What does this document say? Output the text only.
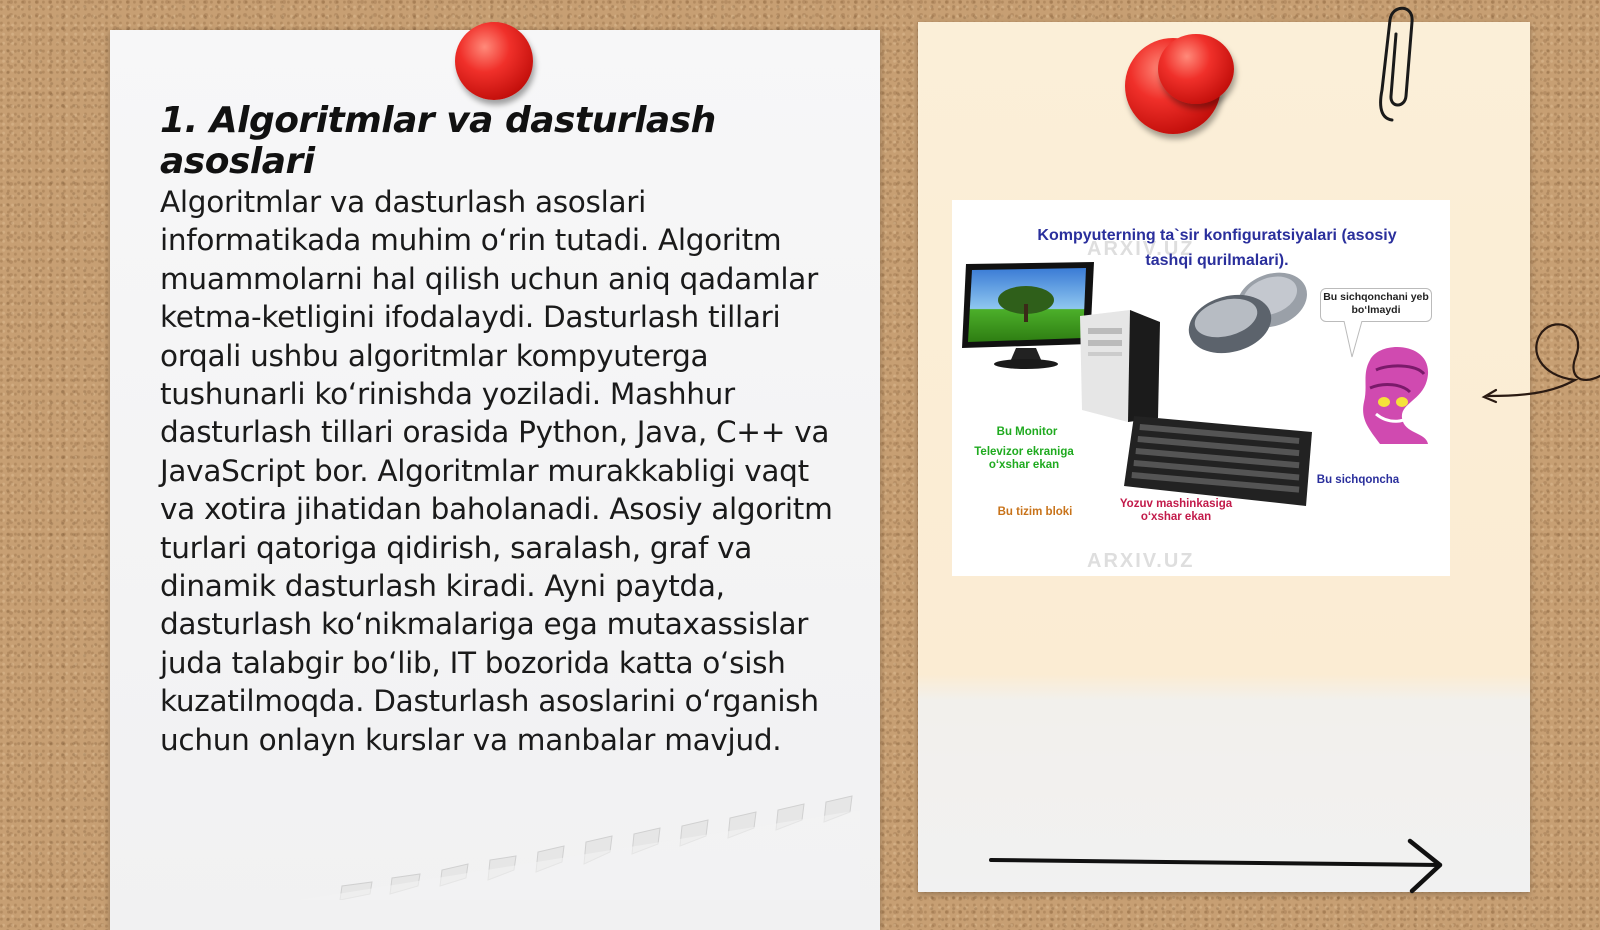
1. Algoritmlar va dasturlash asoslari

Algoritmlar va dasturlash asoslari informatikada muhim o‘rin tutadi. Algoritm muammolarni hal qilish uchun aniq qadamlar ketma-ketligini ifodalaydi. Dasturlash tillari orqali ushbu algoritmlar kompyuterga tushunarli ko‘rinishda yoziladi. Mashhur dasturlash tillari orasida Python, Java, C++ va JavaScript bor. Algoritmlar murakkabligi vaqt va xotira jihatidan baholanadi. Asosiy algoritm turlari qatoriga qidirish, saralash, graf va dinamik dasturlash kiradi. Ayni paytda, dasturlash ko‘nikmalariga ega mutaxassislar juda talabgir bo‘lib, IT bozorida katta o‘sish kuzatilmoqda. Dasturlash asoslarini o‘rganish uchun onlayn kurslar va manbalar mavjud.

ARXIV.UZ
ARXIV.UZ
Kompyuterning ta`sir konfiguratsiyalari (asosiy tashqi qurilmalari).
Bu sichqonchani yeb bo‘lmaydi
Bu Monitor
Televizor ekraniga o‘xshar ekan
Bu tizim bloki
Yozuv mashinkasiga o‘xshar ekan
Bu sichqoncha
